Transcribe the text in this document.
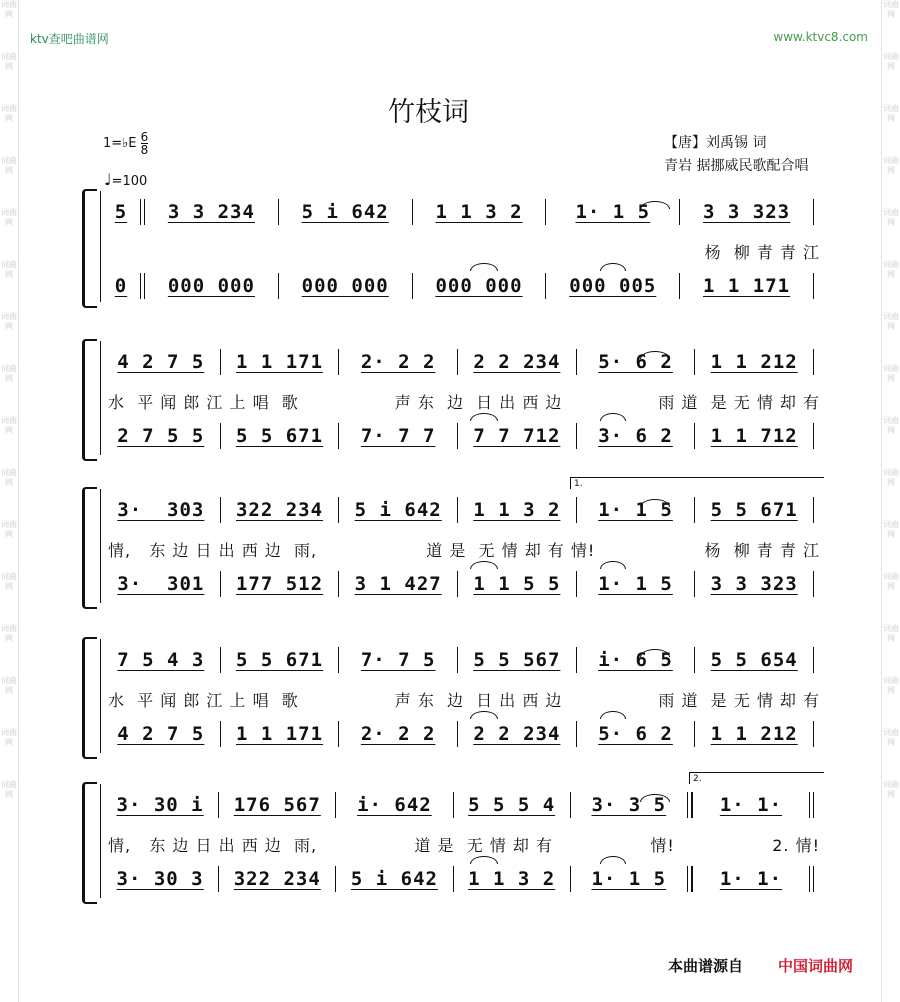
词曲网
词曲网
词曲网
词曲网
词曲网
词曲网
词曲网
词曲网
词曲网
词曲网
词曲网
词曲网
词曲网
词曲网
词曲网
词曲网
词曲网
词曲网
词曲网
词曲网
词曲网
词曲网
词曲网
词曲网
词曲网
词曲网
词曲网
词曲网
词曲网
词曲网
词曲网
词曲网
ktv查吧曲谱网	www.ktvc8.com
竹枝词
【唐】刘禹锡 词
青岩 据挪威民歌配合唱
1=♭E $\frac{6}{8}$
♩=100
5	3 3 234	5 i 642	1 1 3 2	1· 1 5	3 3 323
杨  柳 青 青 江
0	000 000	000 000	000 000	000 005	1 1 171
4 2 7 5	1 1 171	2· 2 2	2 2 234	5· 6 2	1 1 212
水  平 闻 郎 江 上 唱  歌	声 东  边  日 出 西 边	雨 道  是 无 情 却 有
2 7 5 5	5 5 671	7· 7 7	7 7 712	3· 6 2	1 1 712
3·  303	322 234	5 i 642	1 1 3 2	1· 1 5	5 5 671
情,   东 边 日 出 西 边  雨,	道 是  无 情 却 有 情!	杨  柳 青 青 江
3·  301	177 512	3 1 427	1 1 5 5	1· 1 5	3 3 323
1.
7 5 4 3	5 5 671	7· 7 5	5 5 567	i· 6 5	5 5 654
水  平 闻 郎 江 上 唱  歌	声 东  边  日 出 西 边	雨 道  是 无 情 却 有
4 2 7 5	1 1 171	2· 2 2	2 2 234	5· 6 2	1 1 212
3· 30 i	176 567	i· 642	5 5 5 4	3· 3 5	1· 1·
情,   东 边 日 出 西 边  雨,	道 是  无 情 却 有	情!	2. 情!
3· 30 3	322 234	5 i 642	1 1 3 2	1· 1 5	1· 1·
2.
本曲谱源自 中国词曲网
